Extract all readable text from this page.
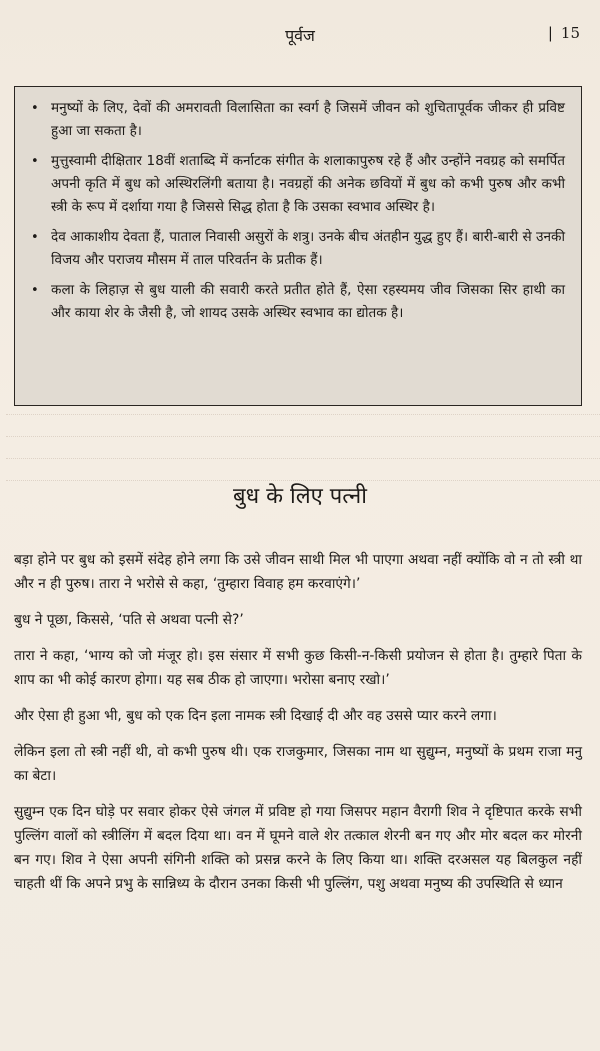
पूर्वज	| 15
• मनुष्यों के लिए, देवों की अमरावती विलासिता का स्वर्ग है जिसमें जीवन को शुचितापूर्वक जीकर ही प्रविष्ट हुआ जा सकता है।
• मुत्तुस्वामी दीक्षितार 18वीं शताब्दि में कर्नाटक संगीत के शलाकापुरुष रहे हैं और उन्होंने नवग्रह को समर्पित अपनी कृति में बुध को अस्थिरलिंगी बताया है। नवग्रहों की अनेक छवियों में बुध को कभी पुरुष और कभी स्त्री के रूप में दर्शाया गया है जिससे सिद्ध होता है कि उसका स्वभाव अस्थिर है।
• देव आकाशीय देवता हैं, पाताल निवासी असुरों के शत्रु। उनके बीच अंतहीन युद्ध हुए हैं। बारी-बारी से उनकी विजय और पराजय मौसम में ताल परिवर्तन के प्रतीक हैं।
• कला के लिहाज़ से बुध याली की सवारी करते प्रतीत होते हैं, ऐसा रहस्यमय जीव जिसका सिर हाथी का और काया शेर के जैसी है, जो शायद उसके अस्थिर स्वभाव का द्योतक है।
बुध के लिए पत्नी

बड़ा होने पर बुध को इसमें संदेह होने लगा कि उसे जीवन साथी मिल भी पाएगा अथवा नहीं क्योंकि वो न तो स्त्री था और न ही पुरुष। तारा ने भरोसे से कहा, ‘तुम्हारा विवाह हम करवाएंगे।’

बुध ने पूछा, किससे, ‘पति से अथवा पत्नी से?’

तारा ने कहा, ‘भाग्य को जो मंजूर हो। इस संसार में सभी कुछ किसी-न-किसी प्रयोजन से होता है। तुम्हारे पिता के शाप का भी कोई कारण होगा। यह सब ठीक हो जाएगा। भरोसा बनाए रखो।’

और ऐसा ही हुआ भी, बुध को एक दिन इला नामक स्त्री दिखाई दी और वह उससे प्यार करने लगा।

लेकिन इला तो स्त्री नहीं थी, वो कभी पुरुष थी। एक राजकुमार, जिसका नाम था सुद्युम्न, मनुष्यों के प्रथम राजा मनु का बेटा।

सुद्युम्न एक दिन घोड़े पर सवार होकर ऐसे जंगल में प्रविष्ट हो गया जिसपर महान वैरागी शिव ने दृष्टिपात करके सभी पुल्लिंग वालों को स्त्रीलिंग में बदल दिया था। वन में घूमने वाले शेर तत्काल शेरनी बन गए और मोर बदल कर मोरनी बन गए। शिव ने ऐसा अपनी संगिनी शक्ति को प्रसन्न करने के लिए किया था। शक्ति दरअसल यह बिलकुल नहीं चाहती थीं कि अपने प्रभु के सान्निध्य के दौरान उनका किसी भी पुल्लिंग, पशु अथवा मनुष्य की उपस्थिति से ध्यान
